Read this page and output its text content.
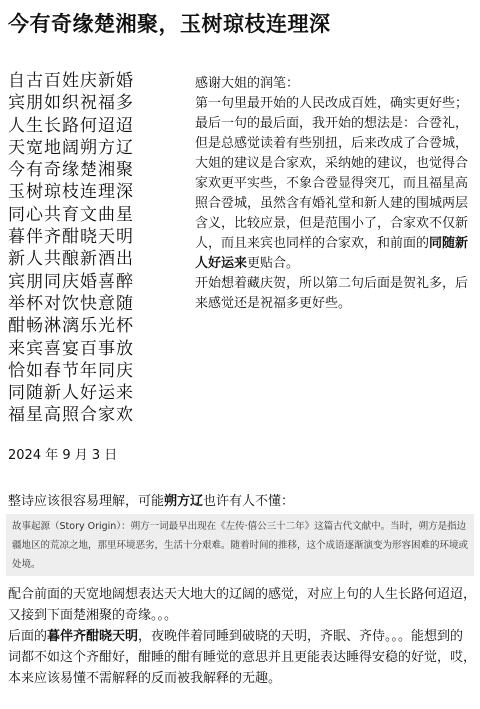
今有奇缘楚湘聚，玉树琼枝连理深
自古百姓庆新婚
宾朋如织祝福多
人生长路何迢迢
天宽地阔朔方辽
今有奇缘楚湘聚
玉树琼枝连理深
同心共育文曲星
暮伴齐酣晓天明
新人共酿新酒出
宾朋同庆婚喜醉
举杯对饮快意随
酣畅淋漓乐光杯
来宾喜宴百事放
恰如春节年同庆
同随新人好运来
福星高照合家欢
2024 年 9 月 3 日

感谢大姐的润笔：

第一句里最开始的人民改成百姓，确实更好些；

最后一句的最后面，我开始的想法是：合卺礼，但是总感觉读着有些别扭，后来改成了合卺城，大姐的建议是合家欢，采纳她的建议，也觉得合家欢更平实些，不象合卺显得突兀，而且福星高照合卺城，虽然含有婚礼堂和新人建的围城两层含义，比较应景，但是范围小了，合家欢不仅新人，而且来宾也同样的合家欢，和前面的同随新人好运来更贴合。

开始想着藏庆贺，所以第二句后面是贺礼多，后来感觉还是祝福多更好些。

整诗应该很容易理解，可能朔方辽也许有人不懂：
故事起源（Story Origin）：朔方一词最早出现在《左传·僖公三十二年》这篇古代文献中。当时，朔方是指边疆地区的荒凉之地，那里环境恶劣，生活十分艰难。随着时间的推移，这个成语逐渐演变为形容困难的环境或处境。

配合前面的天宽地阔想表达天大地大的辽阔的感觉，对应上句的人生长路何迢迢，又接到下面楚湘聚的奇缘。。。

后面的暮伴齐酣晓天明，夜晚伴着同睡到破晓的天明，齐眠、齐侍。。。能想到的词都不如这个齐酣好，酣睡的酣有睡觉的意思并且更能表达睡得安稳的好觉，哎，本来应该易懂不需解释的反而被我解释的无趣。
